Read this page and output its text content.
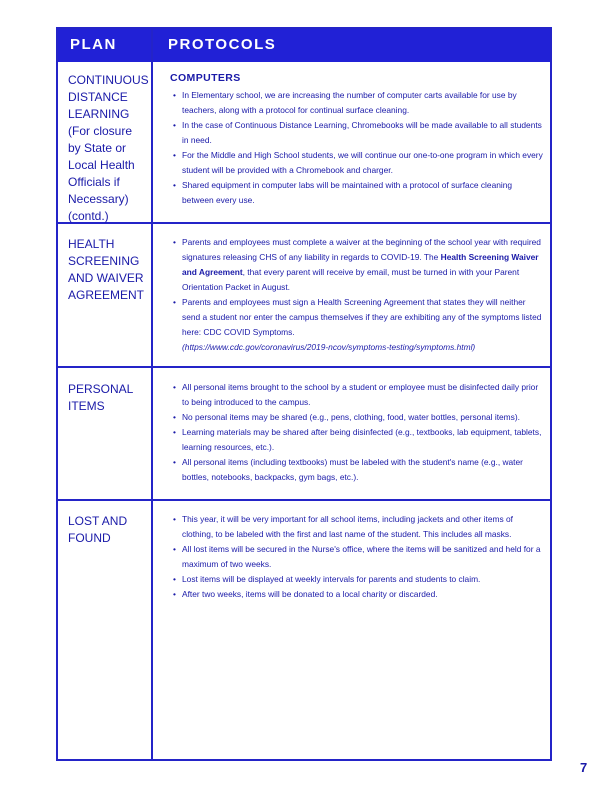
PLAN	PROTOCOLS
CONTINUOUS DISTANCE LEARNING (For closure by State or Local Health Officials if Necessary) (contd.)
COMPUTERS
• In Elementary school, we are increasing the number of computer carts available for use by teachers, along with a protocol for continual surface cleaning.
• In the case of Continuous Distance Learning, Chromebooks will be made available to all students in need.
• For the Middle and High School students, we will continue our one-to-one program in which every student will be provided with a Chromebook and charger.
• Shared equipment in computer labs will be maintained with a protocol of surface cleaning between every use.
HEALTH SCREENING AND WAIVER AGREEMENT
• Parents and employees must complete a waiver at the beginning of the school year with required signatures releasing CHS of any liability in regards to COVID-19. The Health Screening Waiver and Agreement, that every parent will receive by email, must be turned in with your Parent Orientation Packet in August.
• Parents and employees must sign a Health Screening Agreement that states they will neither send a student nor enter the campus themselves if they are exhibiting any of the symptoms listed here: CDC COVID Symptoms.
(https://www.cdc.gov/coronavirus/2019-ncov/symptoms-testing/symptoms.html)
PERSONAL ITEMS
• All personal items brought to the school by a student or employee must be disinfected daily prior to being introduced to the campus.
• No personal items may be shared (e.g., pens, clothing, food, water bottles, personal items).
• Learning materials may be shared after being disinfected (e.g., textbooks, lab equipment, tablets, learning resources, etc.).
• All personal items (including textbooks) must be labeled with the student's name (e.g., water bottles, notebooks, backpacks, gym bags, etc.).
LOST AND FOUND
• This year, it will be very important for all school items, including jackets and other items of clothing, to be labeled with the first and last name of the student. This includes all masks.
• All lost items will be secured in the Nurse's office, where the items will be sanitized and held for a maximum of two weeks.
• Lost items will be displayed at weekly intervals for parents and students to claim.
• After two weeks, items will be donated to a local charity or discarded.
7
